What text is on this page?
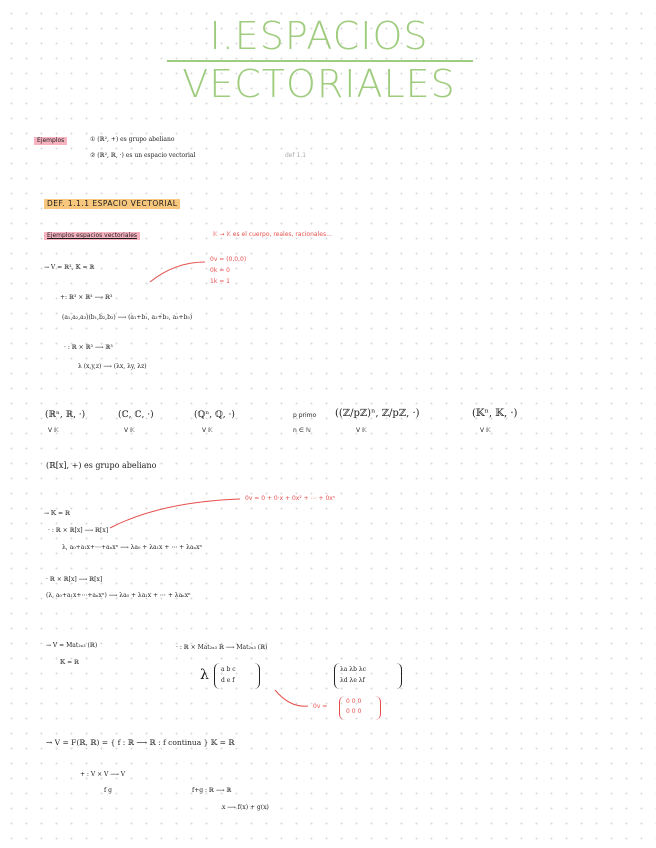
I.ESPACIOS VECTORIALES
Ejemplos	① (ℝ², +) es grupo abeliano
② (ℝ², ℝ, ·) es un espacio vectorial	def 1.1
DEF. 1.1.1 ESPACIO VECTORIAL
Ejemplos espacios vectoriales	𝕂 → 𝕂 es el cuerpo, reales, racionales…
→ V = ℝ³, 𝕂 = ℝ
0v = (0,0,0)
0k = 0
1k = 1
+: ℝ³ × ℝ³ ⟶ ℝ³
(a₁,a₂,a₃)(b₁,b₂,b₃) ⟶ (a₁+b₁, a₂+b₂, a₃+b₃)
· : ℝ × ℝ³ ⟶ ℝ³
λ (x,y,z) ⟶ (λx, λy, λz)
(ℝⁿ, ℝ, ·)
V 𝕂
(ℂ, ℂ, ·)
V 𝕂
(ℚⁿ, ℚ, ·)
V 𝕂
p primo
n ∈ ℕ
((ℤ/pℤ)ⁿ, ℤ/pℤ, ·)
V 𝕂
(𝕂ⁿ, 𝕂, ·)
V 𝕂
(ℝ[x], +) es grupo abeliano
→ 𝕂 = ℝ
0v = 0 + 0·x + 0x² + ⋯ + 0xⁿ
· : ℝ × ℝ[x] ⟶ ℝ[x]
λ, a₀+a₁x+⋯+aₙxⁿ ⟶ λa₀ + λa₁x + ⋯ + λaₙxⁿ
· ℝ × ℝ[x] ⟶ ℝ[x]
(λ, a₀+a₁x+⋯+aₙxⁿ) ⟶ λa₀ + λa₁x + ⋯ + λaₙxⁿ
→ V = Mat₂ₓ₃ (ℝ)
𝕂 = ℝ
· : ℝ × Mat₂ₓ₃ ℝ ⟶ Mat₂ₓ₃ (ℝ)
λ a b c
d e f
λa λb λc
λd λe λf
0v =
0 0 0
0 0 0
→ V = F(ℝ, ℝ) = { f : ℝ ⟶ ℝ : f continua } 𝕂 = ℝ
+ : V × V ⟶ V
f g	f+g : ℝ ⟶ ℝ
x ⟶ f(x) + g(x)
